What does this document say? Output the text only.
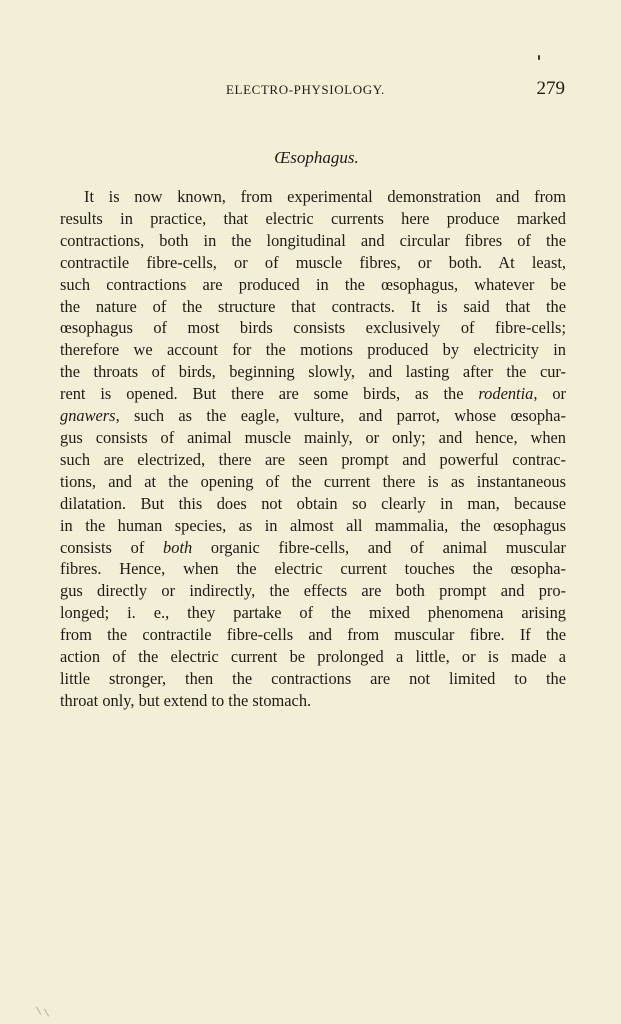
ELECTRO-PHYSIOLOGY.	279
Œsophagus.
It is now known, from experimental demonstration and from
results in practice, that electric currents here produce marked
contractions, both in the longitudinal and circular fibres of the
contractile fibre-cells, or of muscle fibres, or both. At least,
such contractions are produced in the œsophagus, whatever be
the nature of the structure that contracts. It is said that the
œsophagus of most birds consists exclusively of fibre-cells;
therefore we account for the motions produced by electricity in
the throats of birds, beginning slowly, and lasting after the cur-
rent is opened. But there are some birds, as the rodentia, or
gnawers, such as the eagle, vulture, and parrot, whose œsopha-
gus consists of animal muscle mainly, or only; and hence, when
such are electrized, there are seen prompt and powerful contrac-
tions, and at the opening of the current there is as instantaneous
dilatation. But this does not obtain so clearly in man, because
in the human species, as in almost all mammalia, the œsophagus
consists of both organic fibre-cells, and of animal muscular
fibres. Hence, when the electric current touches the œsopha-
gus directly or indirectly, the effects are both prompt and pro-
longed; i. e., they partake of the mixed phenomena arising
from the contractile fibre-cells and from muscular fibre. If the
action of the electric current be prolonged a little, or is made a
little stronger, then the contractions are not limited to the
throat only, but extend to the stomach.
